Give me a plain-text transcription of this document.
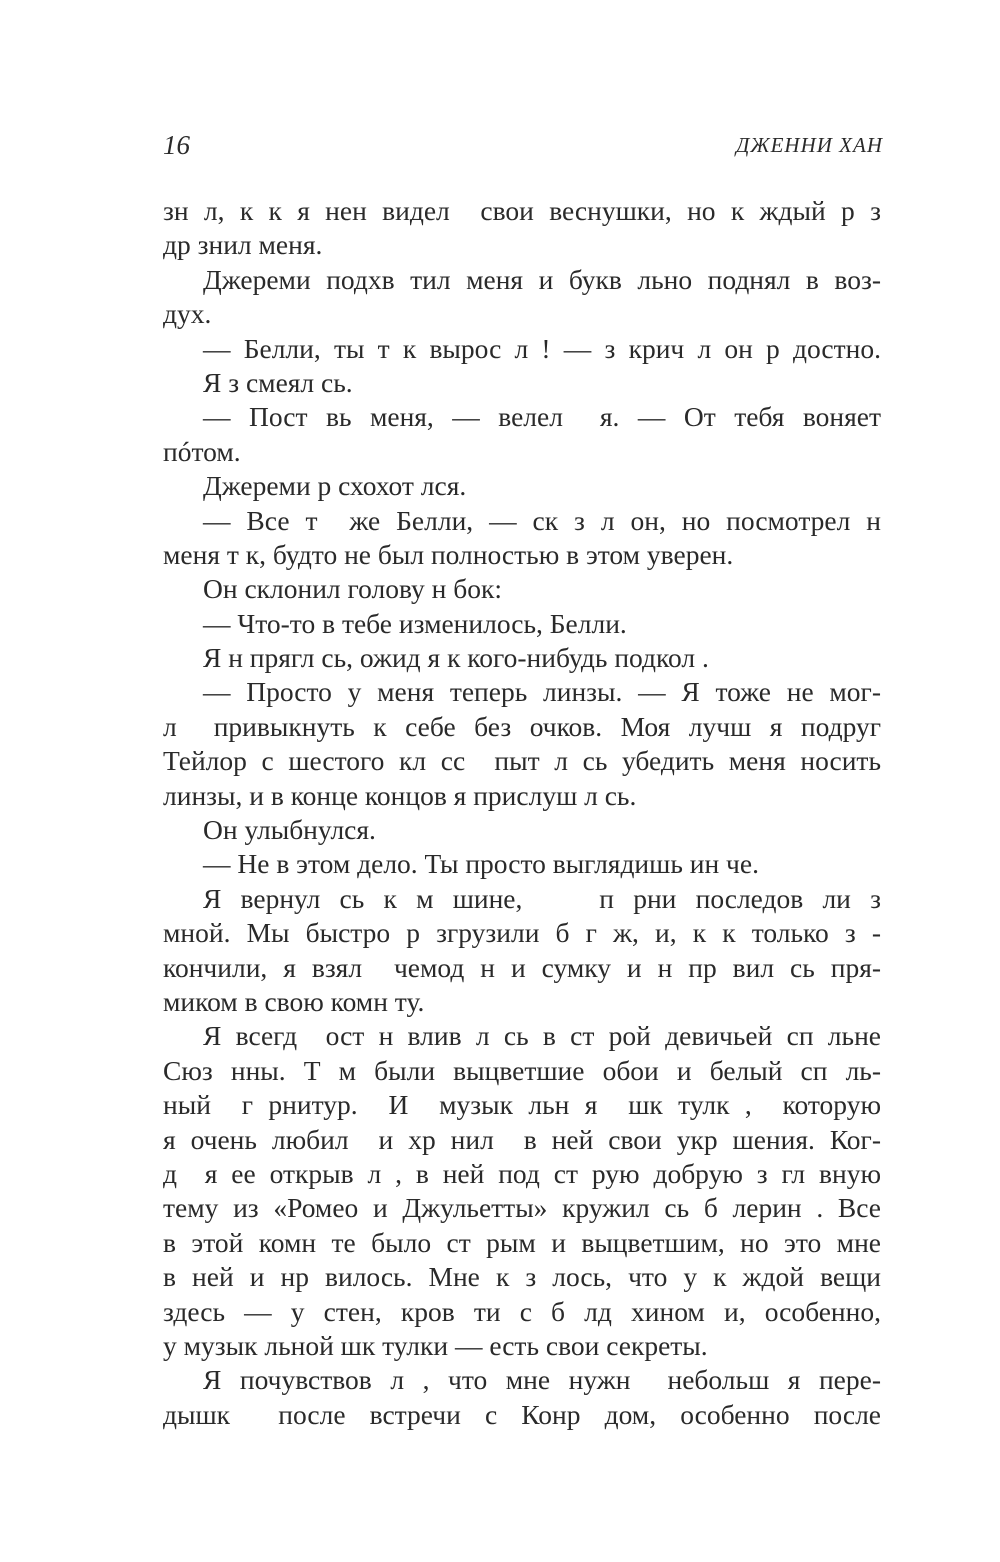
16	ДЖЕННИ ХАН
зн л, к к я нен видел  свои веснушки, но к ждый р з
др знил меня.
Джереми подхв тил меня и букв льно поднял в воз-
дух.
— Белли, ты т к вырос л ! — з крич л он р достно.
Я з смеял сь.
— Пост вь меня, — велел  я. — От тебя воняет
пóтом.
Джереми р схохот лся.
— Все т  же Белли, — ск з л он, но посмотрел н
меня т к, будто не был полностью в этом уверен.
Он склонил голову н бок:
— Что-то в тебе изменилось, Белли.
Я н прягл сь, ожид я к кого-нибудь подкол .
— Просто у меня теперь линзы. — Я тоже не мог-
л  привыкнуть к себе без очков. Моя лучш я подруг
Тейлор с шестого кл сс  пыт л сь убедить меня носить
линзы, и в конце концов я прислуш л сь.
Он улыбнулся.
— Не в этом дело. Ты просто выглядишь ин че.
Я вернул сь к м шине,    п рни последов ли з
мной. Мы быстро р згрузили б г ж, и, к к только з -
кончили, я взял  чемод н и сумку и н пр вил сь пря-
миком в свою комн ту.
Я всегд  ост н влив л сь в ст рой девичьей сп льне
Сюз нны. Т м были выцветшие обои и белый сп ль-
ный  г рнитур.  И  музык льн я  шк тулк ,  которую
я очень любил  и хр нил  в ней свои укр шения. Ког-
д  я ее открыв л , в ней под ст рую добрую з гл вную
тему из «Ромео и Джульетты» кружил сь б лерин . Все
в этой комн те было ст рым и выцветшим, но это мне
в ней и нр вилось. Мне к з лось, что у к ждой вещи
здесь — у стен, кров ти с б лд хином и, особенно,
у музык льной шк тулки — есть свои секреты.
Я почувствов л , что мне нужн  небольш я пере-
дышк  после встречи с Конр дом, особенно после
